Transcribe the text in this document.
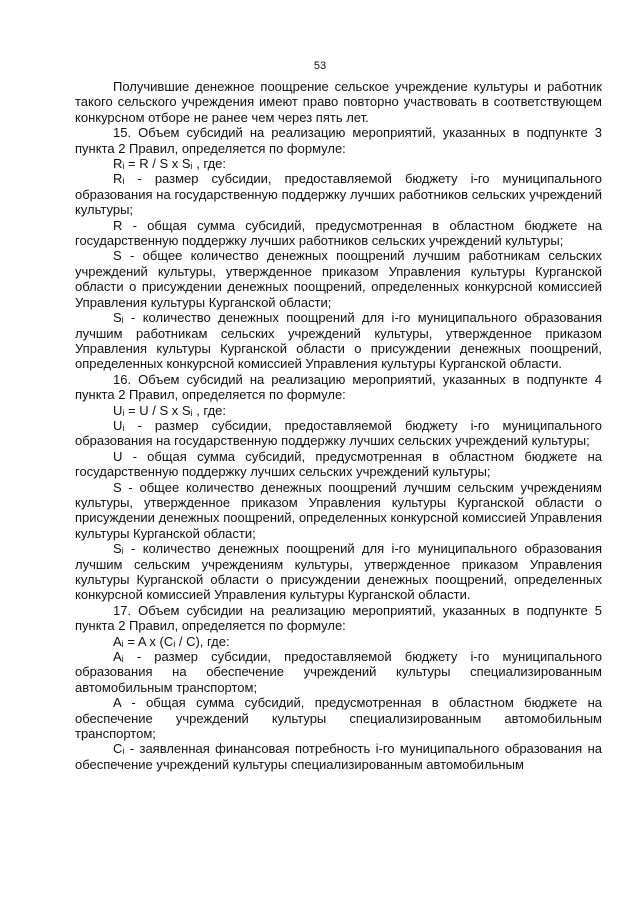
53

Получившие денежное поощрение сельское учреждение культуры и работник такого сельского учреждения имеют право повторно участвовать в соответствующем конкурсном отборе не ранее чем через пять лет.

15. Объем субсидий на реализацию мероприятий, указанных в подпункте 3 пункта 2 Правил, определяется по формуле:

Rᵢ = R / S x Sᵢ , где:

Rᵢ - размер субсидии, предоставляемой бюджету i-го муниципального образования на государственную поддержку лучших работников сельских учреждений культуры;

R - общая сумма субсидий, предусмотренная в областном бюджете на государственную поддержку лучших работников сельских учреждений культуры;

S - общее количество денежных поощрений лучшим работникам сельских учреждений культуры, утвержденное приказом Управления культуры Курганской области о присуждении денежных поощрений, определенных конкурсной комиссией Управления культуры Курганской области;

Sᵢ - количество денежных поощрений для i-го муниципального образования лучшим работникам сельских учреждений культуры, утвержденное приказом Управления культуры Курганской области о присуждении денежных поощрений, определенных конкурсной комиссией Управления культуры Курганской области.

16. Объем субсидий на реализацию мероприятий, указанных в подпункте 4 пункта 2 Правил, определяется по формуле:

Uᵢ = U / S x Sᵢ , где:

Uᵢ - размер субсидии, предоставляемой бюджету i-го муниципального образования на государственную поддержку лучших сельских учреждений культуры;

U - общая сумма субсидий, предусмотренная в областном бюджете на государственную поддержку лучших сельских учреждений культуры;

S - общее количество денежных поощрений лучшим сельским учреждениям культуры, утвержденное приказом Управления культуры Курганской области о присуждении денежных поощрений, определенных конкурсной комиссией Управления культуры Курганской области;

Sᵢ - количество денежных поощрений для i-го муниципального образования лучшим сельским учреждениям культуры, утвержденное приказом Управления культуры Курганской области о присуждении денежных поощрений, определенных конкурсной комиссией Управления культуры Курганской области.

17. Объем субсидии на реализацию мероприятий, указанных в подпункте 5 пункта 2 Правил, определяется по формуле:

Aᵢ = A x (Cᵢ / C), где:

Aᵢ - размер субсидии, предоставляемой бюджету i-го муниципального образования на обеспечение учреждений культуры специализированным автомобильным транспортом;

A - общая сумма субсидий, предусмотренная в областном бюджете на обеспечение учреждений культуры специализированным автомобильным транспортом;

Cᵢ - заявленная финансовая потребность i-го муниципального образования на обеспечение учреждений культуры специализированным автомобильным
